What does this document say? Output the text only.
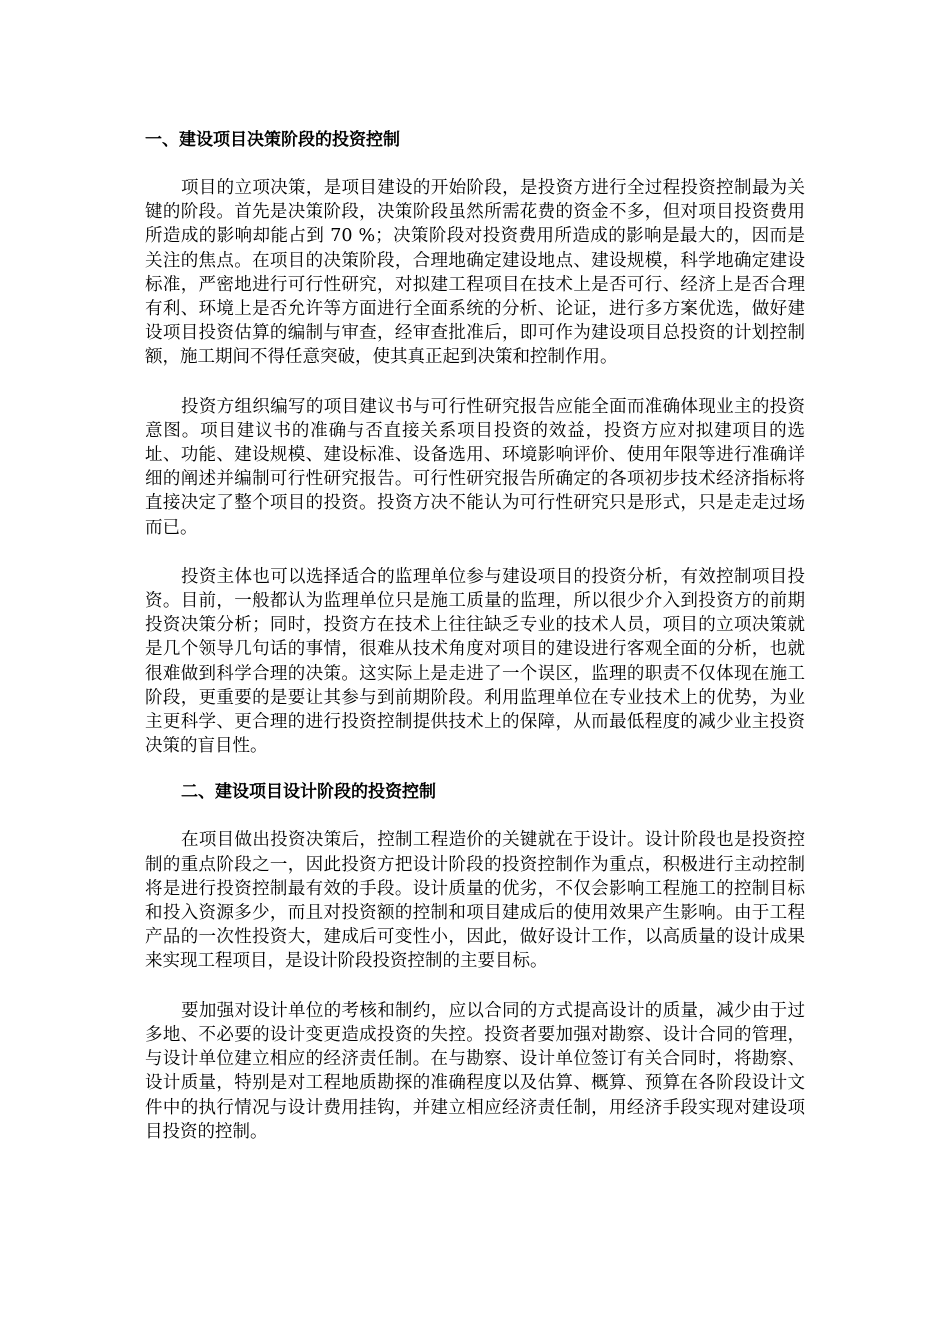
一、建设项目决策阶段的投资控制

项目的立项决策，是项目建设的开始阶段，是投资方进行全过程投资控制最为关键的阶段。首先是决策阶段，决策阶段虽然所需花费的资金不多，但对项目投资费用所造成的影响却能占到 70 %；决策阶段对投资费用所造成的影响是最大的，因而是关注的焦点。在项目的决策阶段，合理地确定建设地点、建设规模，科学地确定建设标准，严密地进行可行性研究，对拟建工程项目在技术上是否可行、经济上是否合理有利、环境上是否允许等方面进行全面系统的分析、论证，进行多方案优选，做好建设项目投资估算的编制与审查，经审查批准后，即可作为建设项目总投资的计划控制额，施工期间不得任意突破，使其真正起到决策和控制作用。

投资方组织编写的项目建议书与可行性研究报告应能全面而准确体现业主的投资意图。项目建议书的准确与否直接关系项目投资的效益，投资方应对拟建项目的选址、功能、建设规模、建设标准、设备选用、环境影响评价、使用年限等进行准确详细的阐述并编制可行性研究报告。可行性研究报告所确定的各项初步技术经济指标将直接决定了整个项目的投资。投资方决不能认为可行性研究只是形式，只是走走过场而已。

投资主体也可以选择适合的监理单位参与建设项目的投资分析，有效控制项目投资。目前，一般都认为监理单位只是施工质量的监理，所以很少介入到投资方的前期投资决策分析；同时，投资方在技术上往往缺乏专业的技术人员，项目的立项决策就是几个领导几句话的事情，很难从技术角度对项目的建设进行客观全面的分析，也就很难做到科学合理的决策。这实际上是走进了一个误区，监理的职责不仅体现在施工阶段，更重要的是要让其参与到前期阶段。利用监理单位在专业技术上的优势，为业主更科学、更合理的进行投资控制提供技术上的保障，从而最低程度的减少业主投资决策的盲目性。

二、建设项目设计阶段的投资控制

在项目做出投资决策后，控制工程造价的关键就在于设计。设计阶段也是投资控制的重点阶段之一，因此投资方把设计阶段的投资控制作为重点，积极进行主动控制将是进行投资控制最有效的手段。设计质量的优劣，不仅会影响工程施工的控制目标和投入资源多少，而且对投资额的控制和项目建成后的使用效果产生影响。由于工程产品的一次性投资大，建成后可变性小，因此，做好设计工作，以高质量的设计成果来实现工程项目，是设计阶段投资控制的主要目标。

要加强对设计单位的考核和制约，应以合同的方式提高设计的质量，减少由于过多地、不必要的设计变更造成投资的失控。投资者要加强对勘察、设计合同的管理，与设计单位建立相应的经济责任制。在与勘察、设计单位签订有关合同时，将勘察、设计质量，特别是对工程地质勘探的准确程度以及估算、概算、预算在各阶段设计文件中的执行情况与设计费用挂钩，并建立相应经济责任制，用经济手段实现对建设项目投资的控制。
